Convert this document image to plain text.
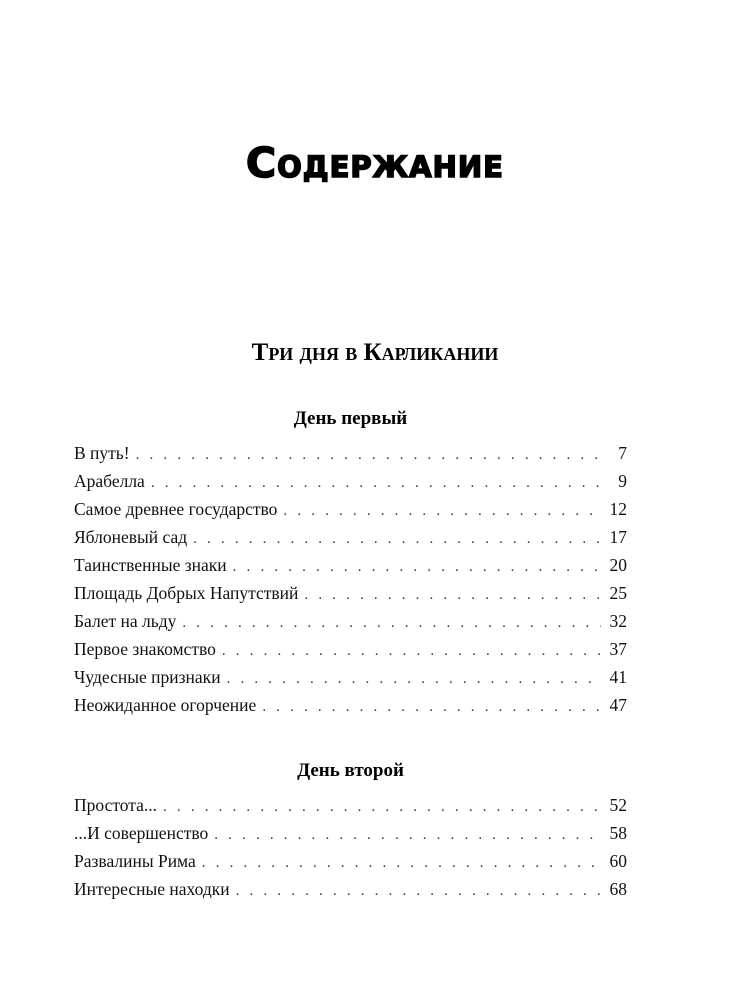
Содержание
Три дня в Карликании
День первый
В путь! . . .	7
Арабелла . . .	9
Самое древнее государство . . .	12
Яблоневый сад . . .	17
Таинственные знаки . . .	20
Площадь Добрых Напутствий . . .	25
Балет на льду . . .	32
Первое знакомство . . .	37
Чудесные признаки . . .	41
Неожиданное огорчение . . .	47
День второй
Простота... . . .	52
...И совершенство . . .	58
Развалины Рима . . .	60
Интересные находки . . .	68
